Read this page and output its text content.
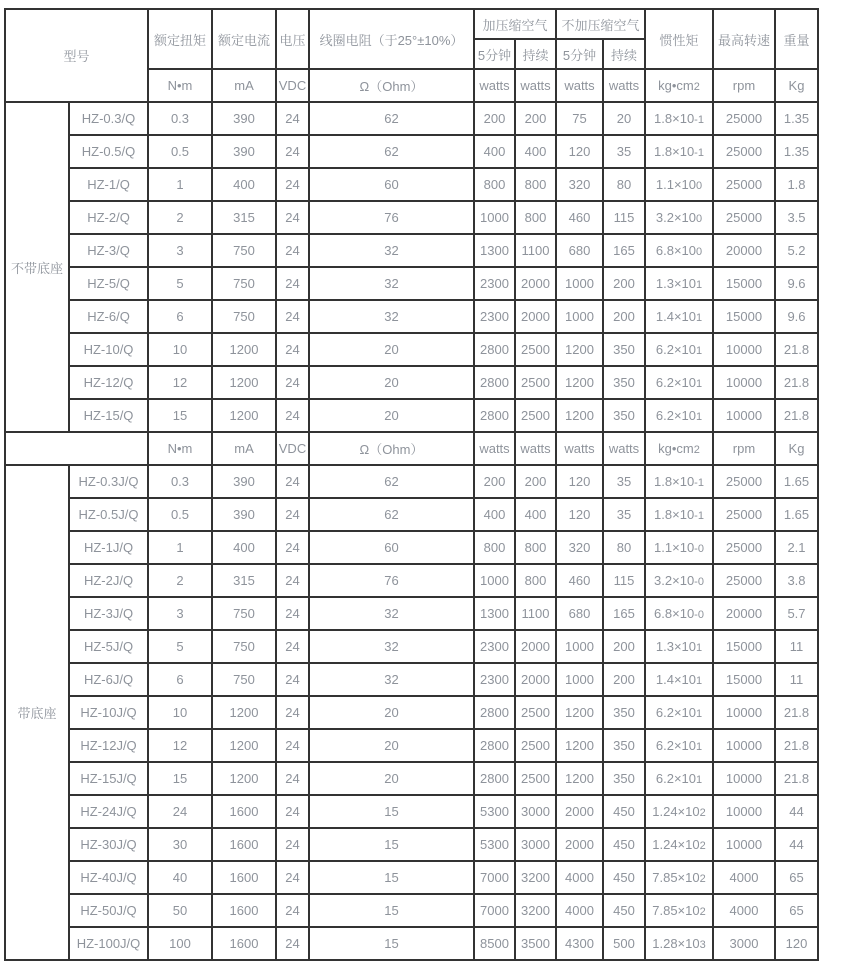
型号		额定扭矩	额定电流	电压	线圈电阻（于25°±10%）	加压缩空气		不加压缩空气		惯性矩	最高转速	重量
						5分钟	持续	5分钟	持续			
		N•m	mA	VDC	Ω（Ohm）	watts	watts	watts	watts	kg•cm2	rpm	Kg
不带底座	HZ-0.3/Q	0.3	390	24	62	200	200	75	20	1.8×10-1	25000	1.35
	HZ-0.5/Q	0.5	390	24	62	400	400	120	35	1.8×10-1	25000	1.35
	HZ-1/Q	1	400	24	60	800	800	320	80	1.1×100	25000	1.8
	HZ-2/Q	2	315	24	76	1000	800	460	115	3.2×100	25000	3.5
	HZ-3/Q	3	750	24	32	1300	1100	680	165	6.8×100	20000	5.2
	HZ-5/Q	5	750	24	32	2300	2000	1000	200	1.3×101	15000	9.6
	HZ-6/Q	6	750	24	32	2300	2000	1000	200	1.4×101	15000	9.6
	HZ-10/Q	10	1200	24	20	2800	2500	1200	350	6.2×101	10000	21.8
	HZ-12/Q	12	1200	24	20	2800	2500	1200	350	6.2×101	10000	21.8
	HZ-15/Q	15	1200	24	20	2800	2500	1200	350	6.2×101	10000	21.8
		N•m	mA	VDC	Ω（Ohm）	watts	watts	watts	watts	kg•cm2	rpm	Kg
带底座	HZ-0.3J/Q	0.3	390	24	62	200	200	120	35	1.8×10-1	25000	1.65
	HZ-0.5J/Q	0.5	390	24	62	400	400	120	35	1.8×10-1	25000	1.65
	HZ-1J/Q	1	400	24	60	800	800	320	80	1.1×10-0	25000	2.1
	HZ-2J/Q	2	315	24	76	1000	800	460	115	3.2×10-0	25000	3.8
	HZ-3J/Q	3	750	24	32	1300	1100	680	165	6.8×10-0	20000	5.7
	HZ-5J/Q	5	750	24	32	2300	2000	1000	200	1.3×101	15000	11
	HZ-6J/Q	6	750	24	32	2300	2000	1000	200	1.4×101	15000	11
	HZ-10J/Q	10	1200	24	20	2800	2500	1200	350	6.2×101	10000	21.8
	HZ-12J/Q	12	1200	24	20	2800	2500	1200	350	6.2×101	10000	21.8
	HZ-15J/Q	15	1200	24	20	2800	2500	1200	350	6.2×101	10000	21.8
	HZ-24J/Q	24	1600	24	15	5300	3000	2000	450	1.24×102	10000	44
	HZ-30J/Q	30	1600	24	15	5300	3000	2000	450	1.24×102	10000	44
	HZ-40J/Q	40	1600	24	15	7000	3200	4000	450	7.85×102	4000	65
	HZ-50J/Q	50	1600	24	15	7000	3200	4000	450	7.85×102	4000	65
	HZ-100J/Q	100	1600	24	15	8500	3500	4300	500	1.28×103	3000	120
